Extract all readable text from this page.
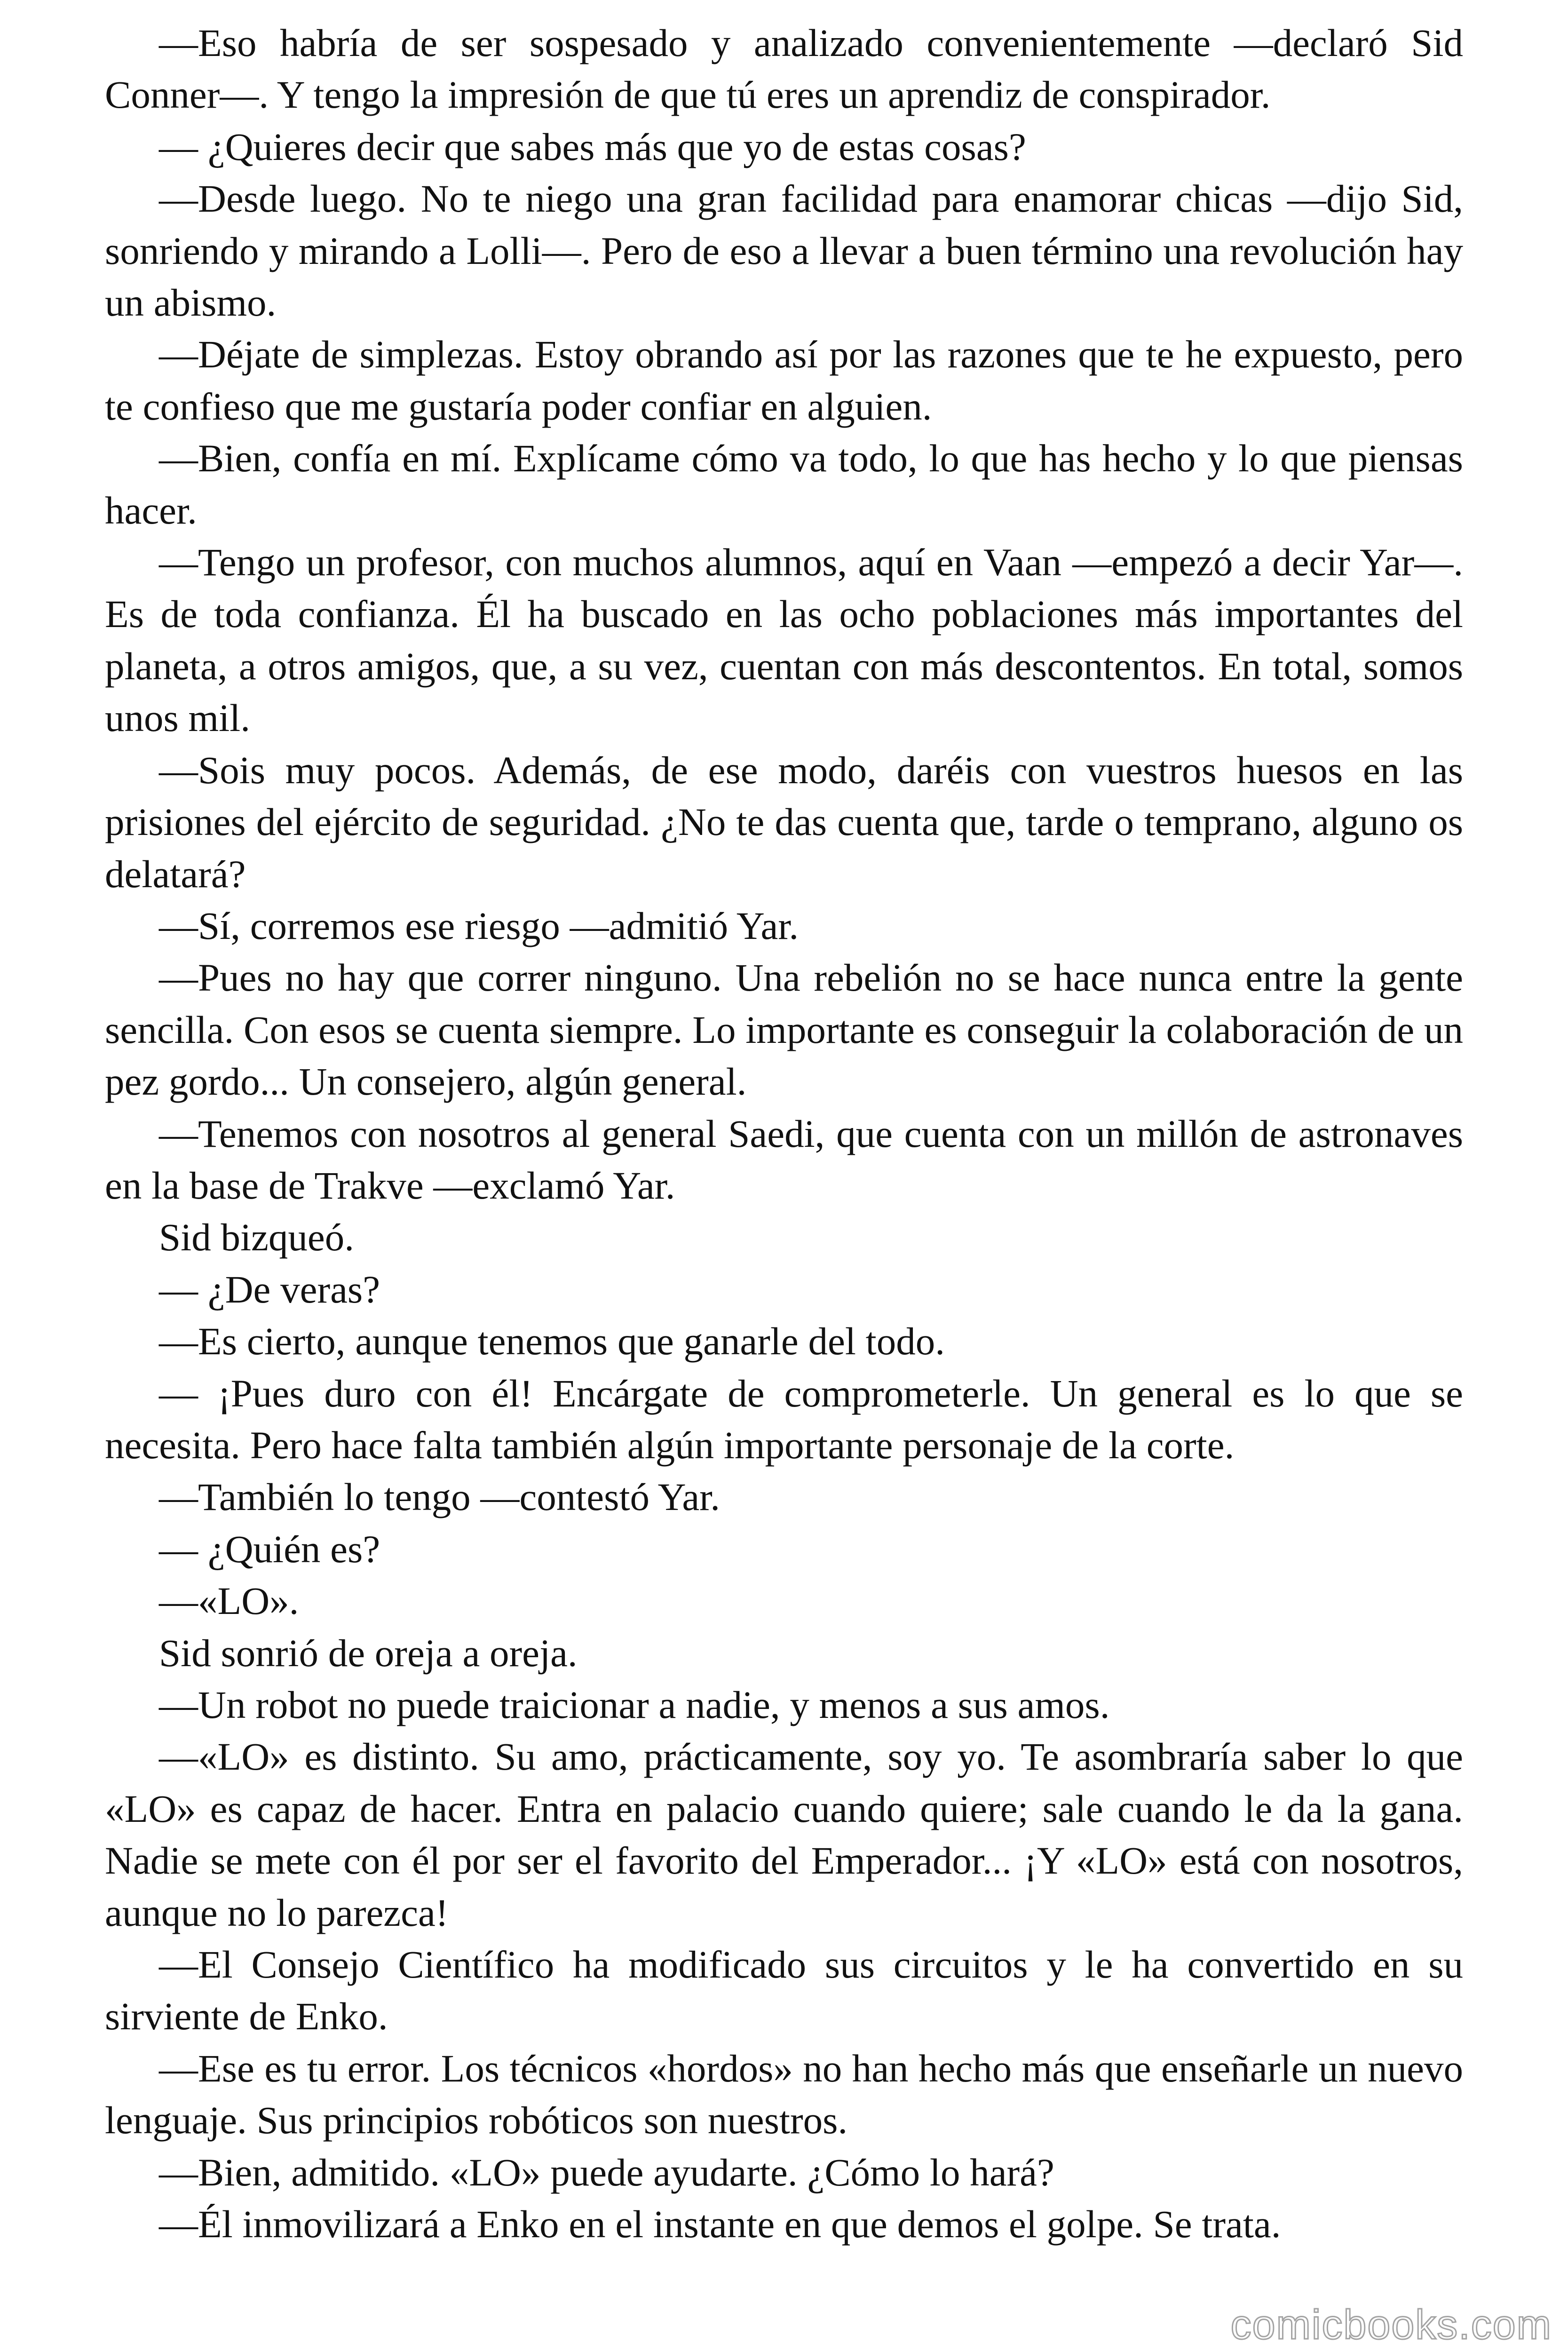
—Eso habría de ser sospesado y analizado convenientemente —declaró Sid Conner—. Y tengo la impresión de que tú eres un aprendiz de conspirador.

— ¿Quieres decir que sabes más que yo de estas cosas?

—Desde luego. No te niego una gran facilidad para enamorar chicas —dijo Sid, sonriendo y mirando a Lolli—. Pero de eso a llevar a buen término una revolución hay un abismo.

—Déjate de simplezas. Estoy obrando así por las razones que te he expuesto, pero te confieso que me gustaría poder confiar en alguien.

—Bien, confía en mí. Explícame cómo va todo, lo que has hecho y lo que piensas hacer.

—Tengo un profesor, con muchos alumnos, aquí en Vaan —empezó a decir Yar—. Es de toda confianza. Él ha buscado en las ocho poblaciones más importantes del planeta, a otros amigos, que, a su vez, cuentan con más descontentos. En total, somos unos mil.

—Sois muy pocos. Además, de ese modo, daréis con vuestros huesos en las prisiones del ejército de seguridad. ¿No te das cuenta que, tarde o temprano, alguno os delatará?

—Sí, corremos ese riesgo —admitió Yar.

—Pues no hay que correr ninguno. Una rebelión no se hace nunca entre la gente sencilla. Con esos se cuenta siempre. Lo importante es conseguir la colaboración de un pez gordo... Un consejero, algún general.

—Tenemos con nosotros al general Saedi, que cuenta con un millón de astronaves en la base de Trakve —exclamó Yar.

Sid bizqueó.

— ¿De veras?

—Es cierto, aunque tenemos que ganarle del todo.

— ¡Pues duro con él! Encárgate de comprometerle. Un general es lo que se necesita. Pero hace falta también algún importante personaje de la corte.

—También lo tengo —contestó Yar.

— ¿Quién es?

—«LO».

Sid sonrió de oreja a oreja.

—Un robot no puede traicionar a nadie, y menos a sus amos.

—«LO» es distinto. Su amo, prácticamente, soy yo. Te asombraría saber lo que «LO» es capaz de hacer. Entra en palacio cuando quiere; sale cuando le da la gana. Nadie se mete con él por ser el favorito del Emperador... ¡Y «LO» está con nosotros, aunque no lo parezca!

—El Consejo Científico ha modificado sus circuitos y le ha convertido en su sirviente de Enko.

—Ese es tu error. Los técnicos «hordos» no han hecho más que enseñarle un nuevo lenguaje. Sus principios robóticos son nuestros.

—Bien, admitido. «LO» puede ayudarte. ¿Cómo lo hará?

—Él inmovilizará a Enko en el instante en que demos el golpe. Se trata.

comicbooks.com
